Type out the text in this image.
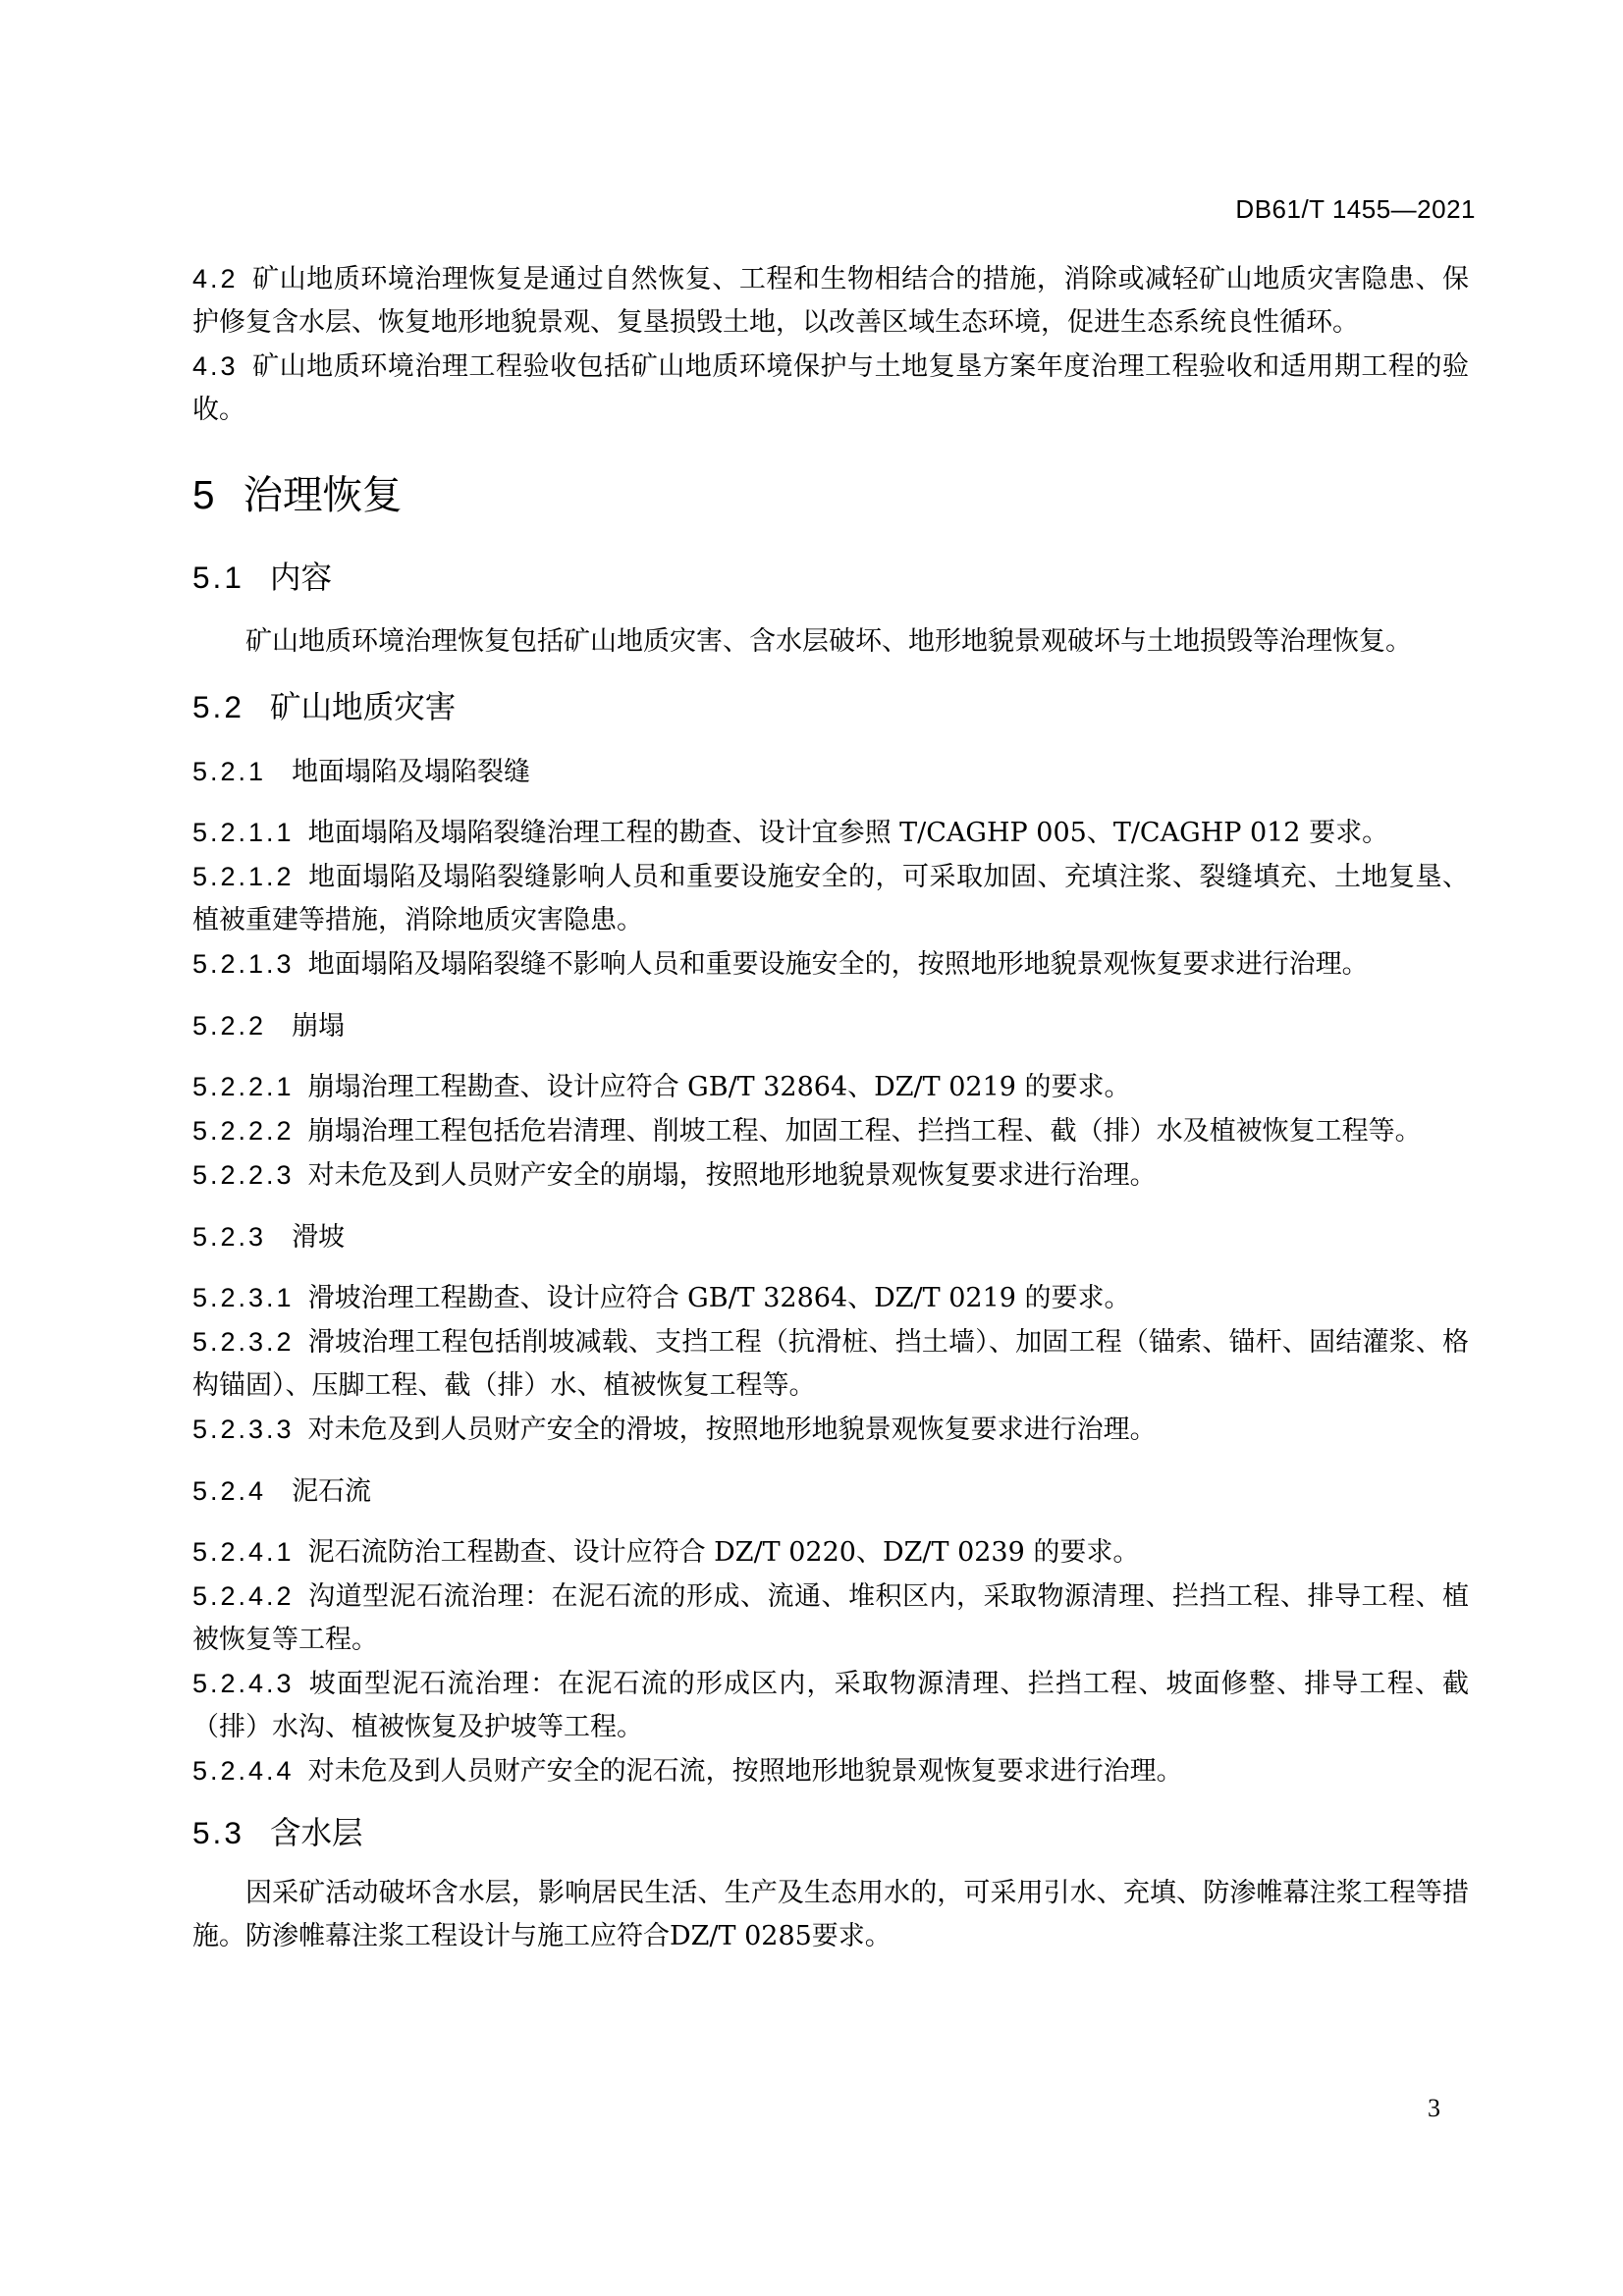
DB61/T 1455—2021

4.2 矿山地质环境治理恢复是通过自然恢复、工程和生物相结合的措施，消除或减轻矿山地质灾害隐患、保护修复含水层、恢复地形地貌景观、复垦损毁土地，以改善区域生态环境，促进生态系统良性循环。

4.3 矿山地质环境治理工程验收包括矿山地质环境保护与土地复垦方案年度治理工程验收和适用期工程的验收。

5 治理恢复
5.1 内容

矿山地质环境治理恢复包括矿山地质灾害、含水层破坏、地形地貌景观破坏与土地损毁等治理恢复。

5.2 矿山地质灾害
5.2.1 地面塌陷及塌陷裂缝

5.2.1.1 地面塌陷及塌陷裂缝治理工程的勘查、设计宜参照 T/CAGHP 005、T/CAGHP 012 要求。

5.2.1.2 地面塌陷及塌陷裂缝影响人员和重要设施安全的，可采取加固、充填注浆、裂缝填充、土地复垦、植被重建等措施，消除地质灾害隐患。

5.2.1.3 地面塌陷及塌陷裂缝不影响人员和重要设施安全的，按照地形地貌景观恢复要求进行治理。

5.2.2 崩塌

5.2.2.1 崩塌治理工程勘查、设计应符合 GB/T 32864、DZ/T 0219 的要求。

5.2.2.2 崩塌治理工程包括危岩清理、削坡工程、加固工程、拦挡工程、截（排）水及植被恢复工程等。

5.2.2.3 对未危及到人员财产安全的崩塌，按照地形地貌景观恢复要求进行治理。

5.2.3 滑坡

5.2.3.1 滑坡治理工程勘查、设计应符合 GB/T 32864、DZ/T 0219 的要求。

5.2.3.2 滑坡治理工程包括削坡减载、支挡工程（抗滑桩、挡土墙）、加固工程（锚索、锚杆、固结灌浆、格构锚固）、压脚工程、截（排）水、植被恢复工程等。

5.2.3.3 对未危及到人员财产安全的滑坡，按照地形地貌景观恢复要求进行治理。

5.2.4 泥石流

5.2.4.1 泥石流防治工程勘查、设计应符合 DZ/T 0220、DZ/T 0239 的要求。

5.2.4.2 沟道型泥石流治理：在泥石流的形成、流通、堆积区内，采取物源清理、拦挡工程、排导工程、植被恢复等工程。

5.2.4.3 坡面型泥石流治理：在泥石流的形成区内，采取物源清理、拦挡工程、坡面修整、排导工程、截（排）水沟、植被恢复及护坡等工程。

5.2.4.4 对未危及到人员财产安全的泥石流，按照地形地貌景观恢复要求进行治理。

5.3 含水层

因采矿活动破坏含水层，影响居民生活、生产及生态用水的，可采用引水、充填、防渗帷幕注浆工程等措施。防渗帷幕注浆工程设计与施工应符合DZ/T 0285要求。

3
